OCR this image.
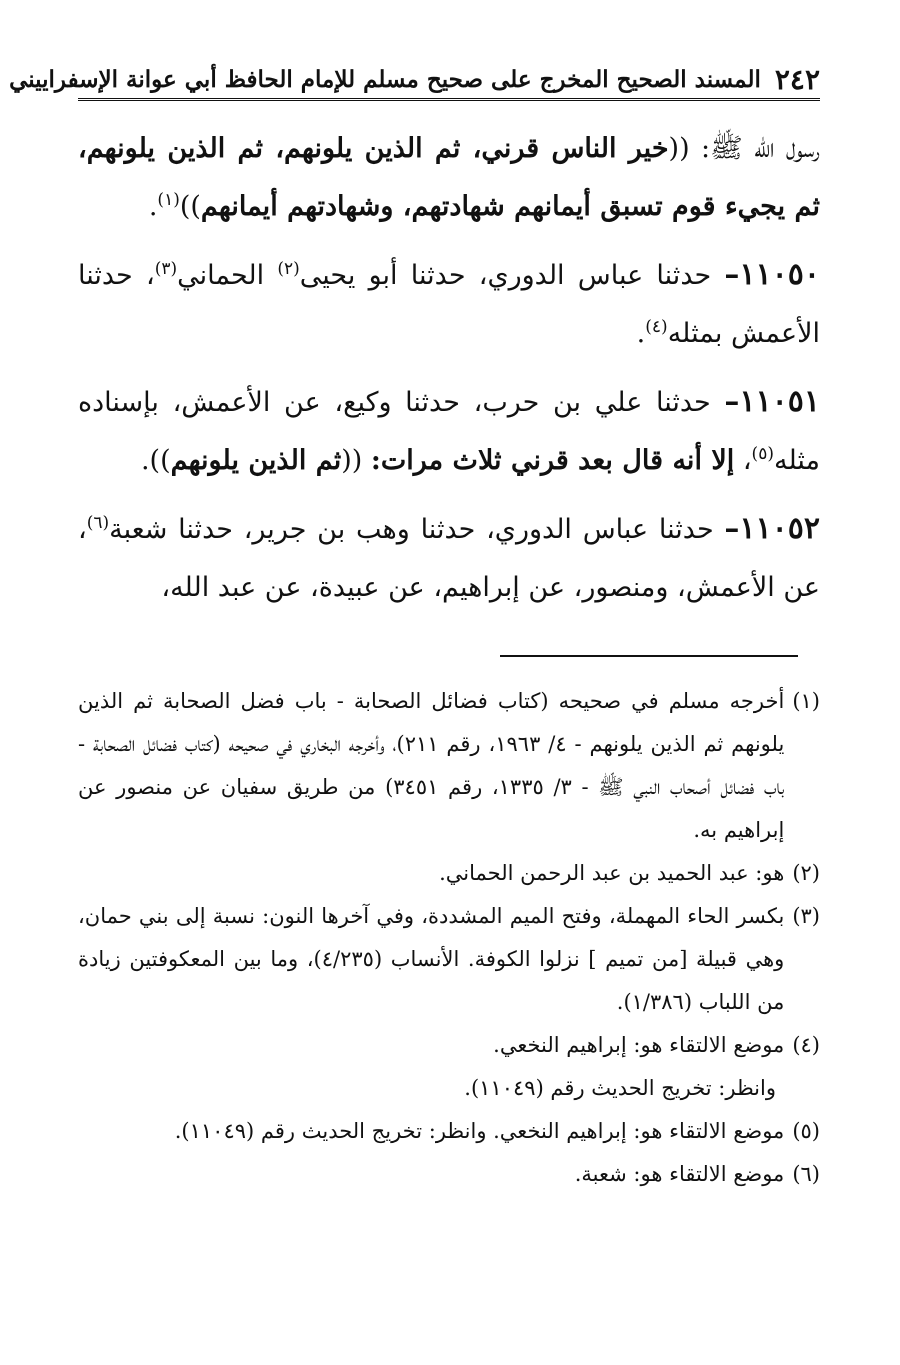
٢٤٢
المسند الصحيح المخرج على صحيح مسلم للإمام الحافظ أبي عوانة الإسفراييني

رسول الله ﷺ: ((خير الناس قرني، ثم الذين يلونهم، ثم الذين يلونهم، ثم يجيء قوم تسبق أيمانهم شهادتهم، وشهادتهم أيمانهم))$^{(١)}$.

١١٠٥٠– حدثنا عباس الدوري، حدثنا أبو يحيى$^{(٢)}$ الحماني$^{(٣)}$، حدثنا الأعمش بمثله$^{(٤)}$.

١١٠٥١– حدثنا علي بن حرب، حدثنا وكيع، عن الأعمش، بإسناده مثله$^{(٥)}$، إلا أنه قال بعد قرني ثلاث مرات: ((ثم الذين يلونهم)).

١١٠٥٢– حدثنا عباس الدوري، حدثنا وهب بن جرير، حدثنا شعبة$^{(٦)}$، عن الأعمش، ومنصور، عن إبراهيم، عن عبيدة، عن عبد الله،

(١)
أخرجه مسلم في صحيحه (كتاب فضائل الصحابة - باب فضل الصحابة ثم الذين يلونهم ثم الذين يلونهم - ٤/ ١٩٦٣، رقم ٢١١)، وأخرجه البخاري في صحيحه (كتاب فضائل الصحابة - باب فضائل أصحاب النبي ﷺ - ٣/ ١٣٣٥، رقم ٣٤٥١) من طريق سفيان عن منصور عن إبراهيم به.

(٢)
هو: عبد الحميد بن عبد الرحمن الحماني.

(٣)
بكسر الحاء المهملة، وفتح الميم المشددة، وفي آخرها النون: نسبة إلى بني حمان، وهي قبيلة [من تميم ] نزلوا الكوفة. الأنساب (٤/٢٣٥)، وما بين المعكوفتين زيادة من اللباب (١/٣٨٦).

(٤)
موضع الالتقاء هو: إبراهيم النخعي.

وانظر: تخريج الحديث رقم (١١٠٤٩).

(٥)
موضع الالتقاء هو: إبراهيم النخعي. وانظر: تخريج الحديث رقم (١١٠٤٩).

(٦)
موضع الالتقاء هو: شعبة.
